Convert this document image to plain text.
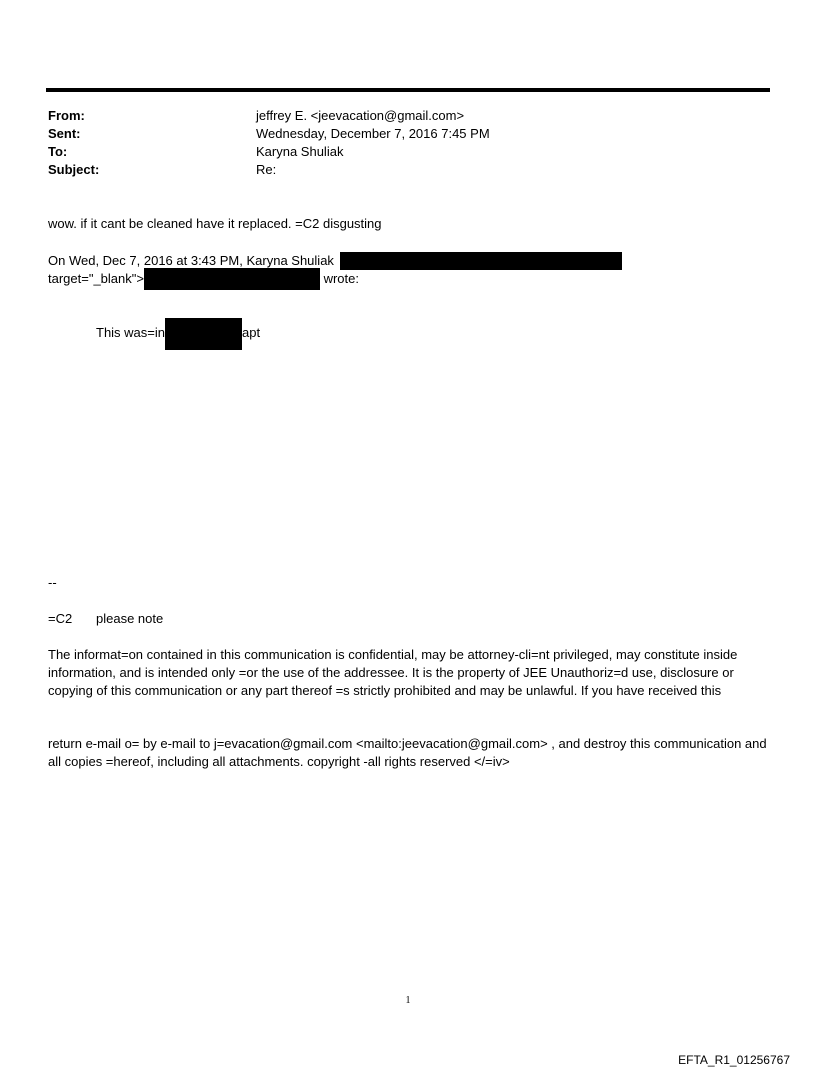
From:	jeffrey E. <jeevacation@gmail.com>
Sent:	Wednesday, December 7, 2016 7:45 PM
To:	Karyna Shuliak
Subject:	Re:
wow. if it cant be cleaned have it replaced. =C2 disgusting
On Wed, Dec 7, 2016 at 3:43 PM, Karyna Shuliak
target="_blank">	wrote:
This was=in	apt
--
=C2 please note
The informat=on contained in this communication is confidential, may be attorney-cli=nt privileged, may constitute inside information, and is intended only =or the use of the addressee. It is the property of JEE Unauthoriz=d use, disclosure or copying of this communication or any part thereof =s strictly prohibited and may be unlawful. If you have received this
return e-mail o= by e-mail to j=evacation@gmail.com <mailto:jeevacation@gmail.com> , and destroy this communication and all copies =hereof, including all attachments. copyright -all rights reserved </=iv>
1
EFTA_R1_01256767
